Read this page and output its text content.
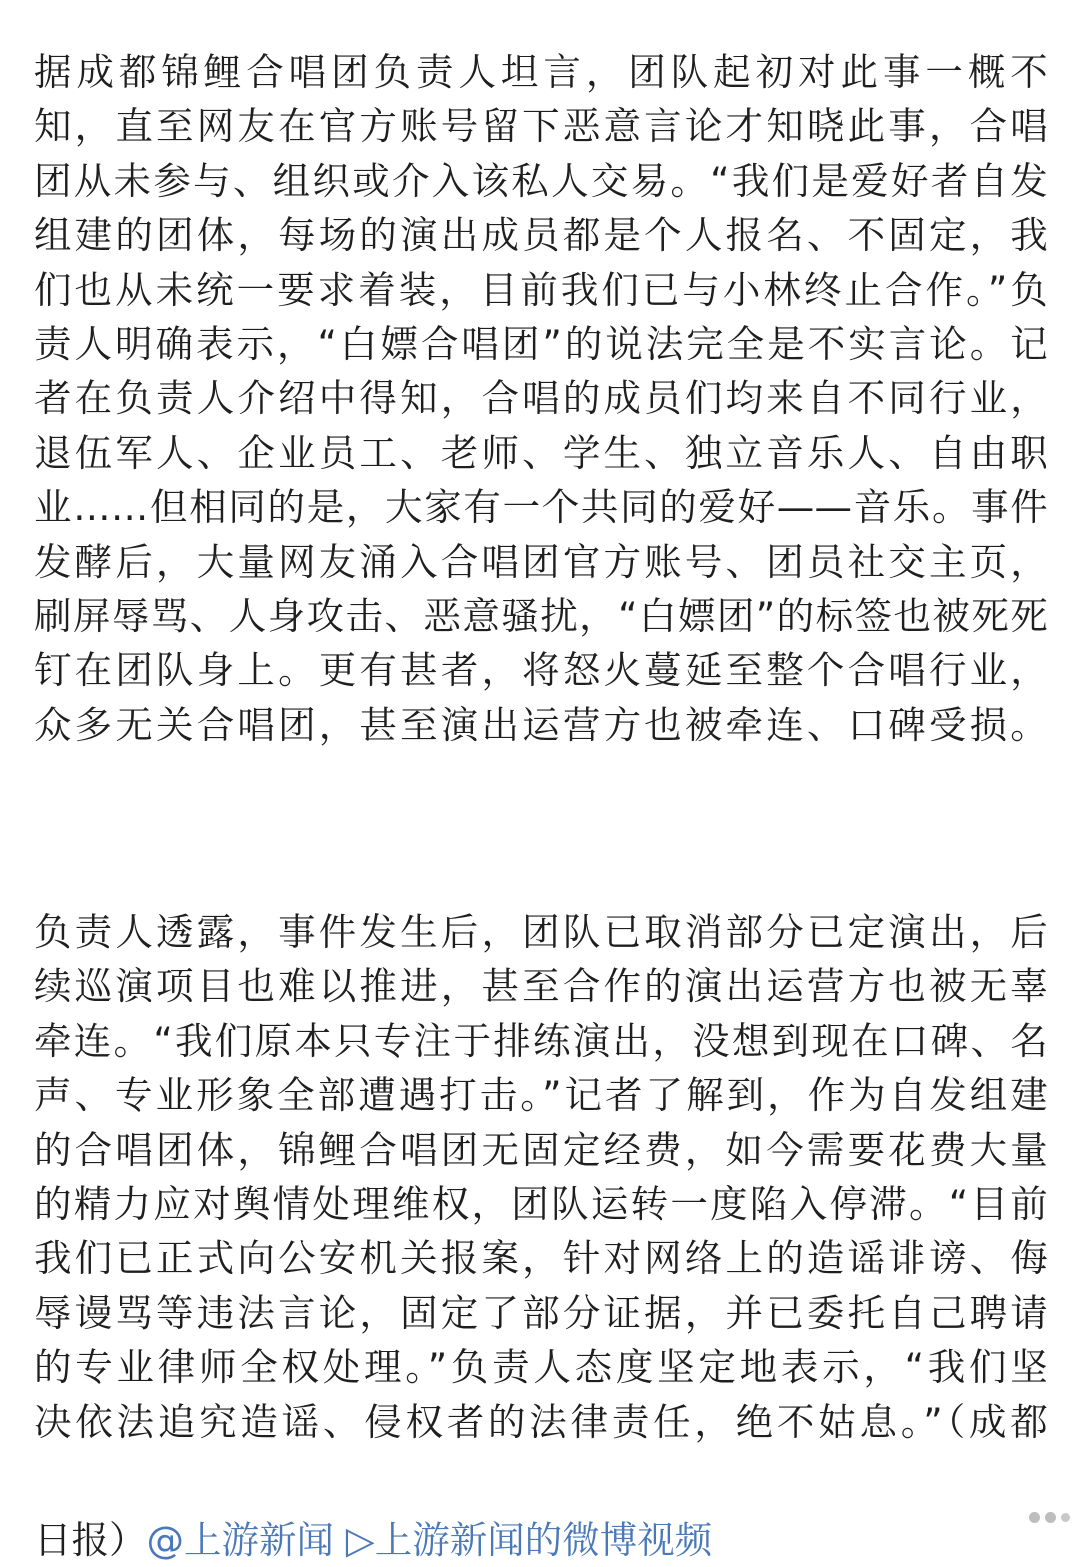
据成都锦鲤合唱团负责人坦言，团队起初对此事一概不
知，直至网友在官方账号留下恶意言论才知晓此事，合唱
团从未参与、组织或介入该私人交易。“我们是爱好者自发
组建的团体，每场的演出成员都是个人报名、不固定，我
们也从未统一要求着装，目前我们已与小林终止合作。”负
责人明确表示，“白嫖合唱团”的说法完全是不实言论。记
者在负责人介绍中得知，合唱的成员们均来自不同行业，
退伍军人、企业员工、老师、学生、独立音乐人、自由职
业……但相同的是，大家有一个共同的爱好——音乐。事件
发酵后，大量网友涌入合唱团官方账号、团员社交主页，
刷屏辱骂、人身攻击、恶意骚扰，“白嫖团”的标签也被死死
钉在团队身上。更有甚者，将怒火蔓延至整个合唱行业，
众多无关合唱团，甚至演出运营方也被牵连、口碑受损。
负责人透露，事件发生后，团队已取消部分已定演出，后
续巡演项目也难以推进，甚至合作的演出运营方也被无辜
牵连。“我们原本只专注于排练演出，没想到现在口碑、名
声、专业形象全部遭遇打击。”记者了解到，作为自发组建
的合唱团体，锦鲤合唱团无固定经费，如今需要花费大量
的精力应对舆情处理维权，团队运转一度陷入停滞。“目前
我们已正式向公安机关报案，针对网络上的造谣诽谤、侮
辱谩骂等违法言论，固定了部分证据，并已委托自己聘请
的专业律师全权处理。”负责人态度坚定地表示，“我们坚
决依法追究造谣、侵权者的法律责任，绝不姑息。”（成都
日报）@上游新闻 ▷上游新闻的微博视频
